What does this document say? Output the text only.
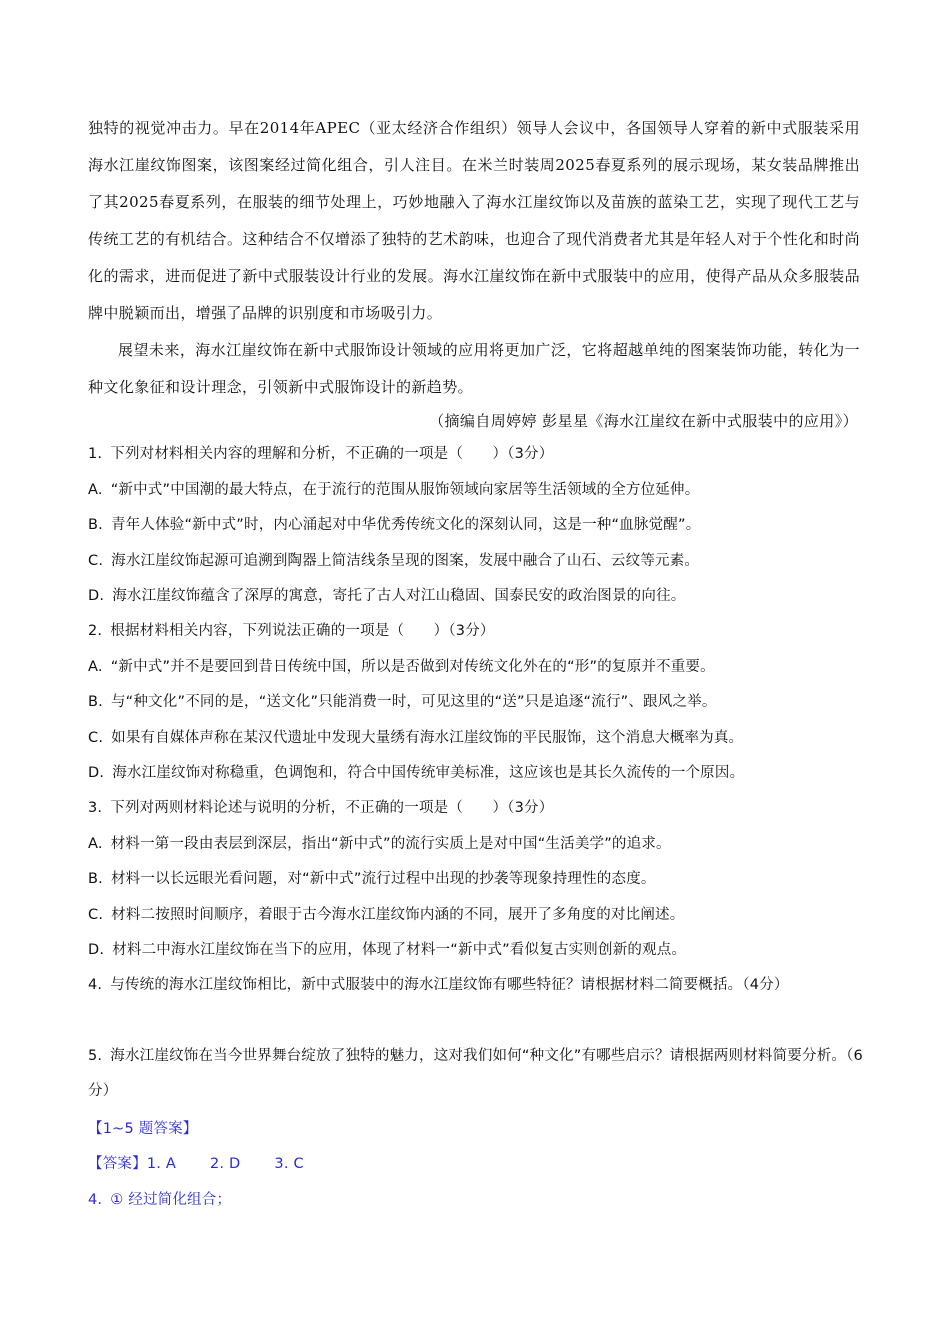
独特的视觉冲击力。早在2014年APEC（亚太经济合作组织）领导人会议中，各国领导人穿着的新中式服装采用海水江崖纹饰图案，该图案经过简化组合，引人注目。在米兰时装周2025春夏系列的展示现场，某女装品牌推出了其2025春夏系列，在服装的细节处理上，巧妙地融入了海水江崖纹饰以及苗族的蓝染工艺，实现了现代工艺与传统工艺的有机结合。这种结合不仅增添了独特的艺术韵味，也迎合了现代消费者尤其是年轻人对于个性化和时尚化的需求，进而促进了新中式服装设计行业的发展。海水江崖纹饰在新中式服装中的应用，使得产品从众多服装品牌中脱颖而出，增强了品牌的识别度和市场吸引力。

展望未来，海水江崖纹饰在新中式服饰设计领域的应用将更加广泛，它将超越单纯的图案装饰功能，转化为一种文化象征和设计理念，引领新中式服饰设计的新趋势。

（摘编自周婷婷 彭星星《海水江崖纹在新中式服装中的应用》）

1. 下列对材料相关内容的理解和分析，不正确的一项是（　　）（3分）
A. “新中式”中国潮的最大特点，在于流行的范围从服饰领域向家居等生活领域的全方位延伸。
B. 青年人体验“新中式”时，内心涌起对中华优秀传统文化的深刻认同，这是一种“血脉觉醒”。
C. 海水江崖纹饰起源可追溯到陶器上简洁线条呈现的图案，发展中融合了山石、云纹等元素。
D. 海水江崖纹饰蕴含了深厚的寓意，寄托了古人对江山稳固、国泰民安的政治图景的向往。
2. 根据材料相关内容，下列说法正确的一项是（　　）（3分）
A. “新中式”并不是要回到昔日传统中国，所以是否做到对传统文化外在的“形”的复原并不重要。
B. 与“种文化”不同的是，“送文化”只能消费一时，可见这里的“送”只是追逐“流行”、跟风之举。
C. 如果有自媒体声称在某汉代遗址中发现大量绣有海水江崖纹饰的平民服饰，这个消息大概率为真。
D. 海水江崖纹饰对称稳重，色调饱和，符合中国传统审美标准，这应该也是其长久流传的一个原因。
3. 下列对两则材料论述与说明的分析，不正确的一项是（　　）（3分）
A. 材料一第一段由表层到深层，指出“新中式”的流行实质上是对中国“生活美学”的追求。
B. 材料一以长远眼光看问题，对“新中式”流行过程中出现的抄袭等现象持理性的态度。
C. 材料二按照时间顺序，着眼于古今海水江崖纹饰内涵的不同，展开了多角度的对比阐述。
D. 材料二中海水江崖纹饰在当下的应用，体现了材料一“新中式”看似复古实则创新的观点。
4. 与传统的海水江崖纹饰相比，新中式服装中的海水江崖纹饰有哪些特征？请根据材料二简要概括。（4分）
5. 海水江崖纹饰在当今世界舞台绽放了独特的魅力，这对我们如何“种文化”有哪些启示？请根据两则材料简要分析。（6分）
【1~5 题答案】
【答案】1. A 2. D 3. C
4. ① 经过简化组合；
